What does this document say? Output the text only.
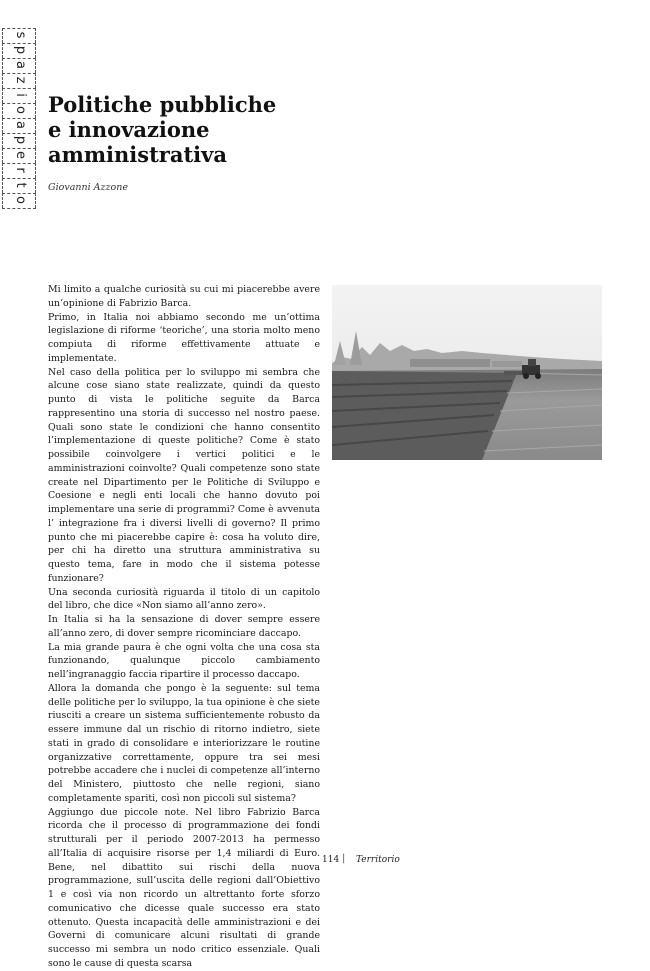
s
p
a
z
i
o
a
p
e
r
t
o
Politiche pubbliche
e innovazione
amministrativa
Giovanni Azzone

Mi limito a qualche curiosità su cui mi piacerebbe avere un’opinione di Fabrizio Barca.

Primo, in Italia noi abbiamo secondo me un’ottima legislazione di riforme ‘teoriche’, una storia molto meno compiuta di riforme effettivamente attuate e implementate.

Nel caso della politica per lo sviluppo mi sembra che alcune cose siano state realizzate, quindi da questo punto di vista le politiche seguite da Barca rappresentino una storia di successo nel nostro paese. Quali sono state le condizioni che hanno consentito l’implementazione di queste politiche? Come è stato possibile coinvolgere i vertici politici e le amministrazioni coinvolte? Quali competenze sono state create nel Dipartimento per le Politiche di Sviluppo e Coesione e negli enti locali che hanno dovuto poi implementare una serie di programmi? Come è avvenuta l’ integrazione fra i diversi livelli di governo? Il primo punto che mi piacerebbe capire è: cosa ha voluto dire, per chi ha diretto una struttura amministrativa su questo tema, fare in modo che il sistema potesse funzionare?

Una seconda curiosità riguarda il titolo di un capitolo del libro, che dice «Non siamo all’anno zero».

In Italia si ha la sensazione di dover sempre essere all’anno zero, di dover sempre ricominciare daccapo.

La mia grande paura è che ogni volta che una cosa sta funzionando, qualunque piccolo cambiamento nell’ingranaggio faccia ripartire il processo daccapo.

Allora la domanda che pongo è la seguente: sul tema delle politiche per lo sviluppo, la tua opinione è che siete riusciti a creare un sistema sufficientemente robusto da essere immune dal un rischio di ritorno indietro, siete stati in grado di consolidare e interiorizzare le routine organizzative correttamente, oppure tra sei mesi potrebbe accadere che i nuclei di competenze all’interno del Ministero, piuttosto che nelle regioni, siano completamente spariti, così non piccoli sul sistema?

Aggiungo due piccole note. Nel libro Fabrizio Barca ricorda che il processo di programmazione dei fondi strutturali per il periodo 2007-2013 ha permesso all’Italia di acquisire risorse per 1,4 miliardi di Euro. Bene, nel dibattito sui rischi della nuova programmazione, sull’uscita delle regioni dall’Obiettivo 1 e così via non ricordo un altrettanto forte sforzo comunicativo che dicesse quale successo era stato ottenuto. Questa incapacità delle amministrazioni e dei Governi di comunicare alcuni risultati di grande successo mi sembra un nodo critico essenziale. Quali sono le cause di questa scarsa

114 | Territorio
